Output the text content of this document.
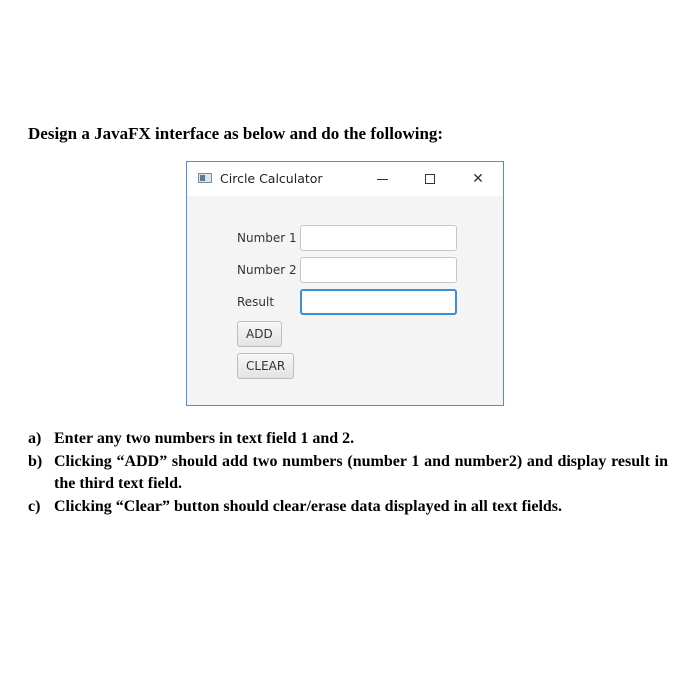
Design a JavaFX interface as below and do the following:
Circle Calculator	✕
Number 1
Number 2
Result
ADD
CLEAR
a) Enter any two numbers in text field 1 and 2.
b) Clicking “ADD” should add two numbers (number 1 and number2) and display result in the third text field.
c) Clicking “Clear” button should clear/erase data displayed in all text fields.
